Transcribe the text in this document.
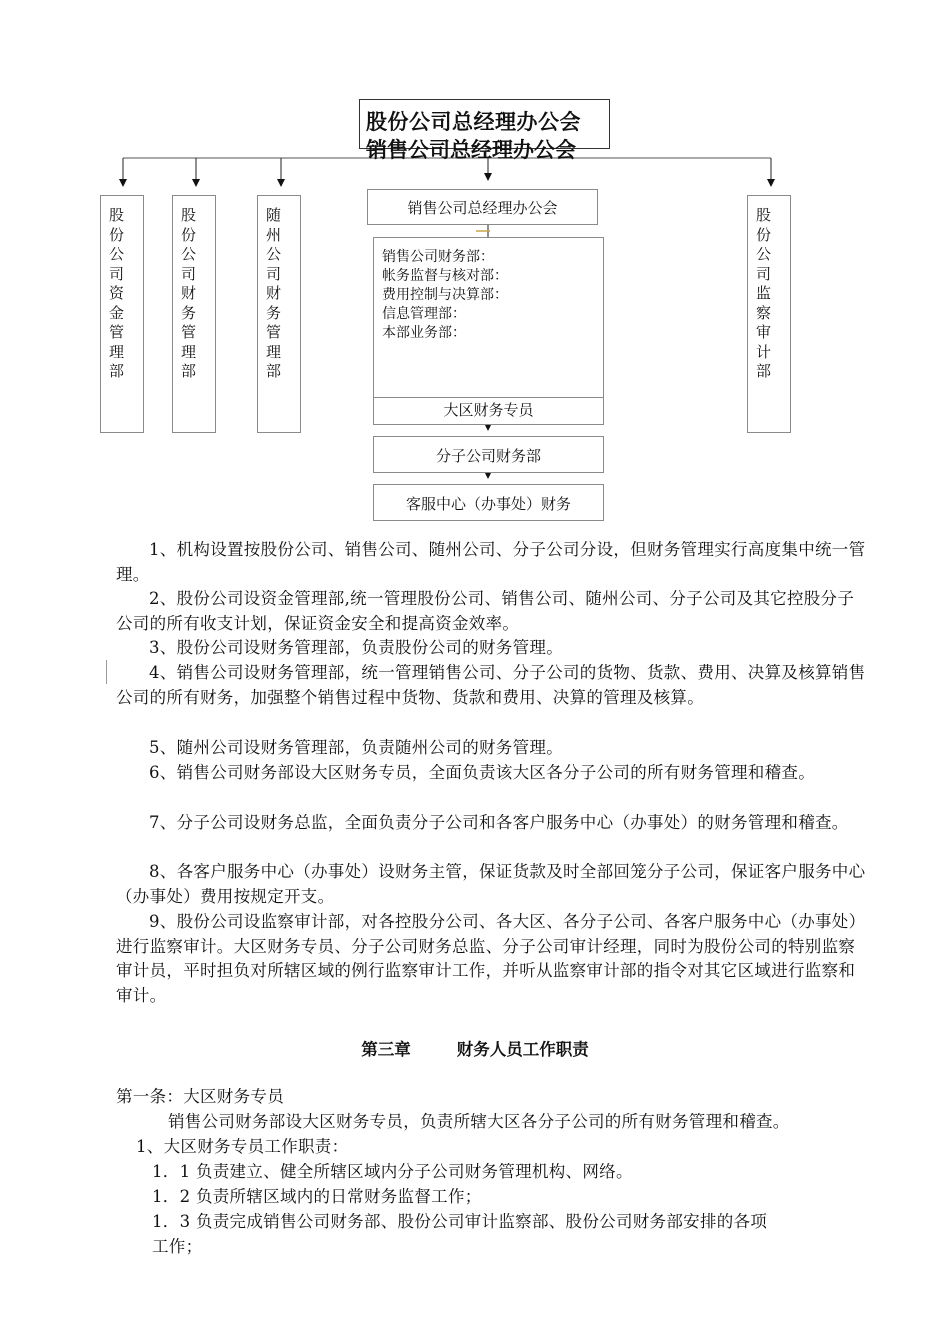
股份公司总经理办公会
销售公司总经理办公会
股份公司资金管理部
股份公司财务管理部
随州公司财务管理部
股份公司监察审计部
销售公司总经理办公会
销售公司财务部：
帐务监督与核对部：
费用控制与决算部：
信息管理部：
本部业务部：
大区财务专员
分子公司财务部
客服中心（办事处）财务
1、机构设置按股份公司、销售公司、随州公司、分子公司分设，但财务管理实行高度集中统一管理。
2、股份公司设资金管理部,统一管理股份公司、销售公司、随州公司、分子公司及其它控股分子公司的所有收支计划，保证资金安全和提高资金效率。
3、股份公司设财务管理部，负责股份公司的财务管理。
4、销售公司设财务管理部，统一管理销售公司、分子公司的货物、货款、费用、决算及核算销售公司的所有财务，加强整个销售过程中货物、货款和费用、决算的管理及核算。
5、随州公司设财务管理部，负责随州公司的财务管理。
6、销售公司财务部设大区财务专员，全面负责该大区各分子公司的所有财务管理和稽查。
7、分子公司设财务总监，全面负责分子公司和各客户服务中心（办事处）的财务管理和稽查。
8、各客户服务中心（办事处）设财务主管，保证货款及时全部回笼分子公司，保证客户服务中心（办事处）费用按规定开支。
9、股份公司设监察审计部，对各控股分公司、各大区、各分子公司、各客户服务中心（办事处）进行监察审计。大区财务专员、分子公司财务总监、分子公司审计经理，同时为股份公司的特别监察审计员，平时担负对所辖区域的例行监察审计工作，并听从监察审计部的指令对其它区域进行监察和审计。
第三章	财务人员工作职责
第一条：大区财务专员
销售公司财务部设大区财务专员，负责所辖大区各分子公司的所有财务管理和稽查。
1、大区财务专员工作职责：
1．1 负责建立、健全所辖区域内分子公司财务管理机构、网络。
1．2 负责所辖区域内的日常财务监督工作；
1．3 负责完成销售公司财务部、股份公司审计监察部、股份公司财务部安排的各项
工作；
